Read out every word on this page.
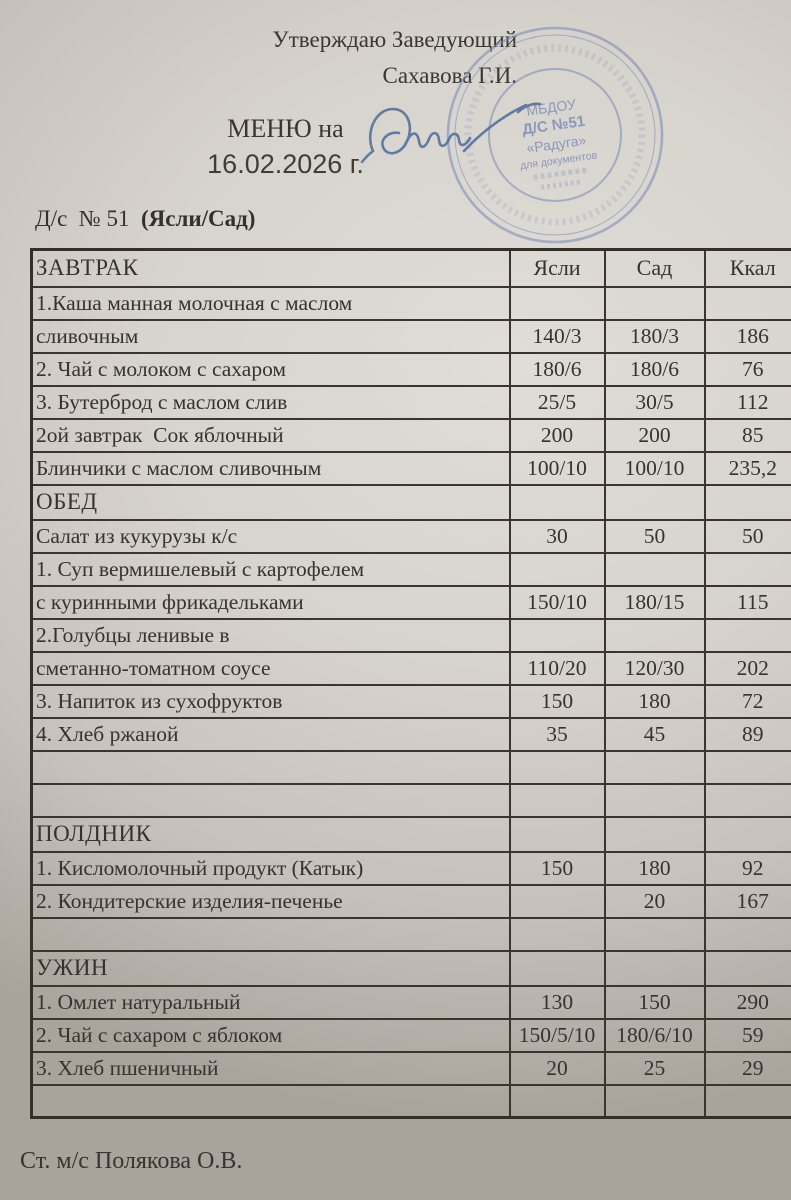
Утверждаю Заведующий
Сахавова Г.И.
МЕНЮ на
16.02.2026 г.
МБДОУ
Д/С №51
«Радуга»
для документов
Д/с  № 51  (Ясли/Сад)
ЗАВТРАК	Ясли	Сад	Ккал
1.Каша манная молочная с маслом			
сливочным	140/3	180/3	186
2. Чай с молоком с сахаром	180/6	180/6	76
3. Бутерброд с маслом слив	25/5	30/5	112
2ой завтрак  Сок яблочный	200	200	85
Блинчики с маслом сливочным	100/10	100/10	235,2
ОБЕД			
Салат из кукурузы к/с	30	50	50
1. Суп вермишелевый с картофелем			
с куринными фрикадельками	150/10	180/15	115
2.Голубцы ленивые в			
сметанно-томатном соусе	110/20	120/30	202
3. Напиток из сухофруктов	150	180	72
4. Хлеб ржаной	35	45	89

ПОЛДНИК			
1. Кисломолочный продукт (Катык)	150	180	92
2. Кондитерские изделия-печенье		20	167

УЖИН			
1. Омлет натуральный	130	150	290
2. Чай с сахаром с яблоком	150/5/10	180/6/10	59
3. Хлеб пшеничный	20	25	29

Ст. м/с Полякова О.В.
